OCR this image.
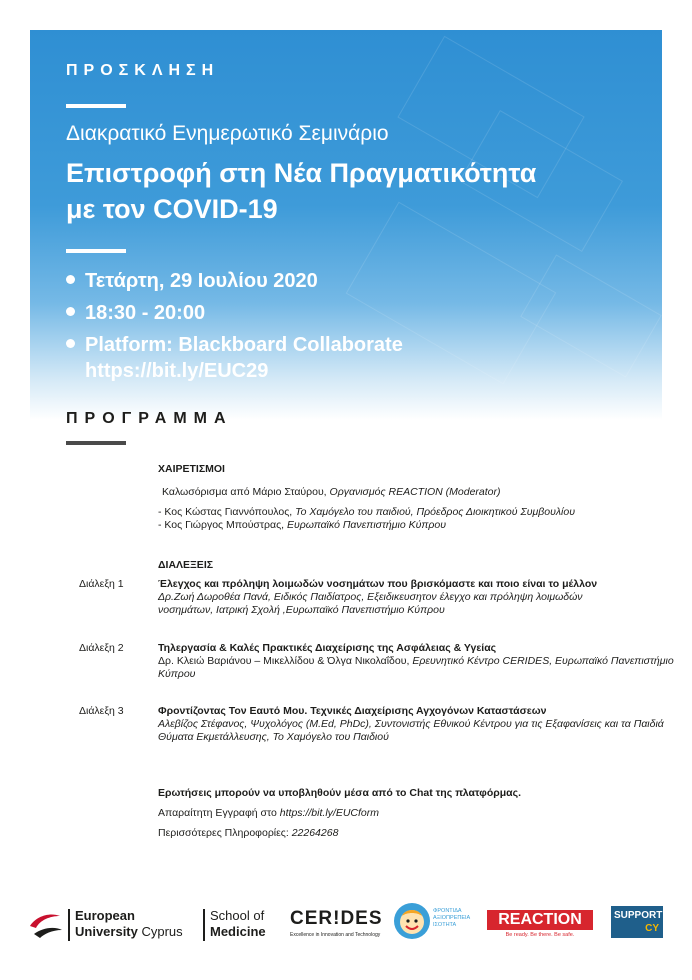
ΠΡΟΣΚΛΗΣΗ
Διακρατικό Ενημερωτικό Σεμινάριο
Επιστροφή στη Νέα Πραγματικότητα
με τον COVID-19
Τετάρτη, 29 Ιουλίου 2020
18:30 - 20:00
Platform: Blackboard Collaborate
https://bit.ly/EUC29
ΠΡΟΓΡΑΜΜΑ
ΧΑΙΡΕΤΙΣΜΟΙ
Καλωσόρισμα από Μάριο Σταύρου, Οργανισμός REACTION (Moderator)
- Κος Κώστας Γιαννόπουλος, Το Χαμόγελο του παιδιού, Πρόεδρος Διοικητικού Συμβουλίου
- Κος Γιώργος Μπούστρας, Ευρωπαϊκό Πανεπιστήμιο Κύπρου
ΔΙΑΛΕΞΕΙΣ
Διάλεξη 1	Έλεγχος και πρόληψη λοιμωδών νοσημάτων που βρισκόμαστε και ποιο είναι το μέλλον
Δρ.Ζωή Δωροθέα Πανά, Ειδικός Παιδίατρος, Εξειδικευσητον έλεγχο και πρόληψη λοιμωδών
νοσημάτων, Ιατρική Σχολή ,Ευρωπαϊκό Πανεπιστήμιο Κύπρου
Διάλεξη 2	Τηλεργασία & Καλές Πρακτικές Διαχείρισης της Ασφάλειας & Υγείας
Δρ. Κλειώ Βαριάνου – Μικελλίδου & Όλγα Νικολαΐδου, Ερευνητικό Κέντρο CERIDES, Ευρωπαϊκό Πανεπιστήμιο
Κύπρου
Διάλεξη 3	Φροντίζοντας Τον Εαυτό Μου. Τεχνικές Διαχείρισης Αγχογόνων Καταστάσεων
Αλεβίζος Στέφανος, Ψυχολόγος (M.Ed, PhDc), Συντονιστής Εθνικού Κέντρου για τις Εξαφανίσεις και τα Παιδιά
Θύματα Εκμετάλλευσης, Το Χαμόγελο του Παιδιού
Ερωτήσεις μπορούν να υποβληθούν μέσα από το Chat της πλατφόρμας.
Απαραίτητη Εγγραφή στο https://bit.ly/EUCform
Περισσότερες Πληροφορίες: 22264268
European
University Cyprus
School of
Medicine
CER!DES
Excellence in Innovation and Technology
ΦΡΟΝΤΙΔΑ
ΑΞΙΟΠΡΕΠΕΙΑ
ΙΣΟΤΗΤΑ	REACTION
Be ready. Be there. Be safe.
SUPPORT
CY
